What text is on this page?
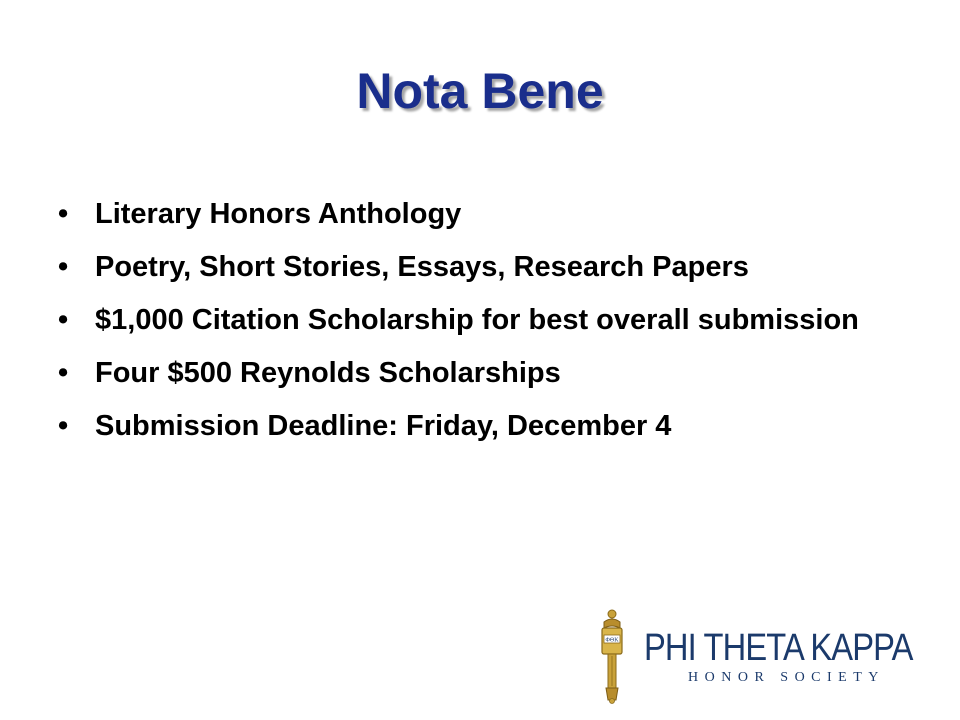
Nota Bene
• Literary Honors Anthology
• Poetry, Short Stories, Essays, Research Papers
• $1,000 Citation Scholarship for best overall submission
• Four $500 Reynolds Scholarships
• Submission Deadline: Friday, December 4
ΦΘΚ PHI THETA KAPPA
HONOR SOCIETY
